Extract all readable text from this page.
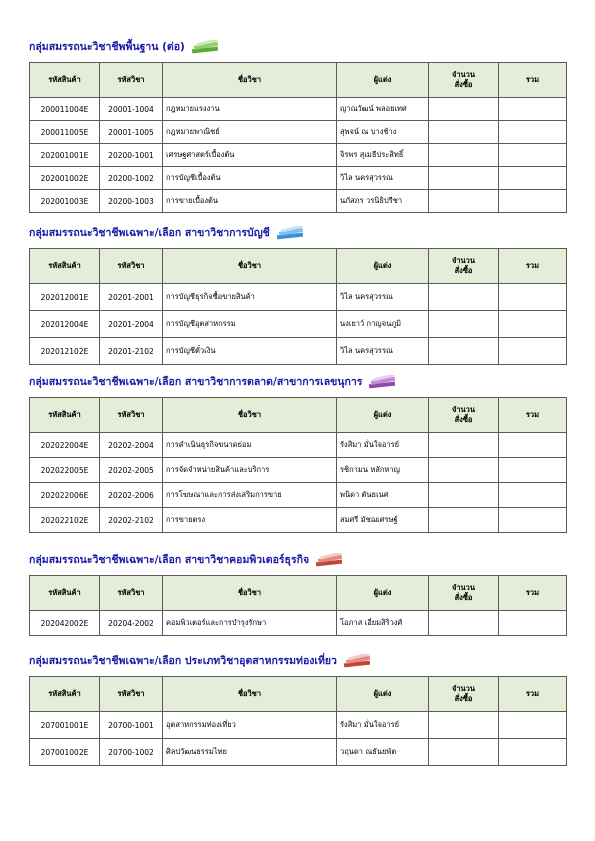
กลุ่มสมรรถนะวิชาชีพพื้นฐาน (ต่อ)
รหัสสินค้า	รหัสวิชา	ชื่อวิชา	ผู้แต่ง	จำนวน
สั่งซื้อ	รวม
200011004E	20001-1004	กฎหมายแรงงาน	ญาณวัฒน์ พลอยเทศ		
200011005E	20001-1005	กฎหมายพาณิชย์	สุพจน์ ณ บางช้าง		
202001001E	20200-1001	เศรษฐศาสตร์เบื้องต้น	จิรพร สุเมธีประสิทธิ์		
202001002E	20200-1002	การบัญชีเบื้องต้น	วิไล นครสุวรรณ		
202001003E	20200-1003	การขายเบื้องต้น	นภัสภร วรนิธิปรีชา		
กลุ่มสมรรถนะวิชาชีพเฉพาะ/เลือก สาขาวิชาการบัญชี
รหัสสินค้า	รหัสวิชา	ชื่อวิชา	ผู้แต่ง	จำนวน
สั่งซื้อ	รวม
202012001E	20201-2001	การบัญชีธุรกิจซื้อขายสินค้า	วิไล นครสุวรรณ		
202012004E	20201-2004	การบัญชีอุตสาหกรรม	นงเยาว์ กาญจนภูมิ		
202012102E	20201-2102	การบัญชีตั๋วเงิน	วิไล นครสุวรรณ		
กลุ่มสมรรถนะวิชาชีพเฉพาะ/เลือก สาขาวิชาการตลาด/สาขาการเลขนุการ
รหัสสินค้า	รหัสวิชา	ชื่อวิชา	ผู้แต่ง	จำนวน
สั่งซื้อ	รวม
202022004E	20202-2004	การดำเนินธุรกิจขนาดย่อม	รังสิมา มั่นใจอารย์		
202022005E	20202-2005	การจัดจำหน่ายสินค้าและบริการ	รชิกามน หลักหาญ		
202022006E	20202-2006	การโฆษณาและการส่งเสริมการขาย	พนิดา ตันธเนศ		
202022102E	20202-2102	การขายตรง	สมศรี มัชฌเศรษฐ์		
กลุ่มสมรรถนะวิชาชีพเฉพาะ/เลือก สาขาวิชาคอมพิวเตอร์ธุรกิจ
รหัสสินค้า	รหัสวิชา	ชื่อวิชา	ผู้แต่ง	จำนวน
สั่งซื้อ	รวม
202042002E	20204-2002	คอมพิวเตอร์และการบำรุงรักษา	โอภาส เอี่ยมสิริวงศ์		
กลุ่มสมรรถนะวิชาชีพเฉพาะ/เลือก ประเภทวิชาอุตสาหกรรมท่องเที่ยว
รหัสสินค้า	รหัสวิชา	ชื่อวิชา	ผู้แต่ง	จำนวน
สั่งซื้อ	รวม
207001001E	20700-1001	อุตสาหกรรมท่องเที่ยว	รังสิมา มั่นใจอารย์		
207001002E	20700-1002	ศิลปวัฒนธรรมไทย	วฤนดา ณธันยพัต		
